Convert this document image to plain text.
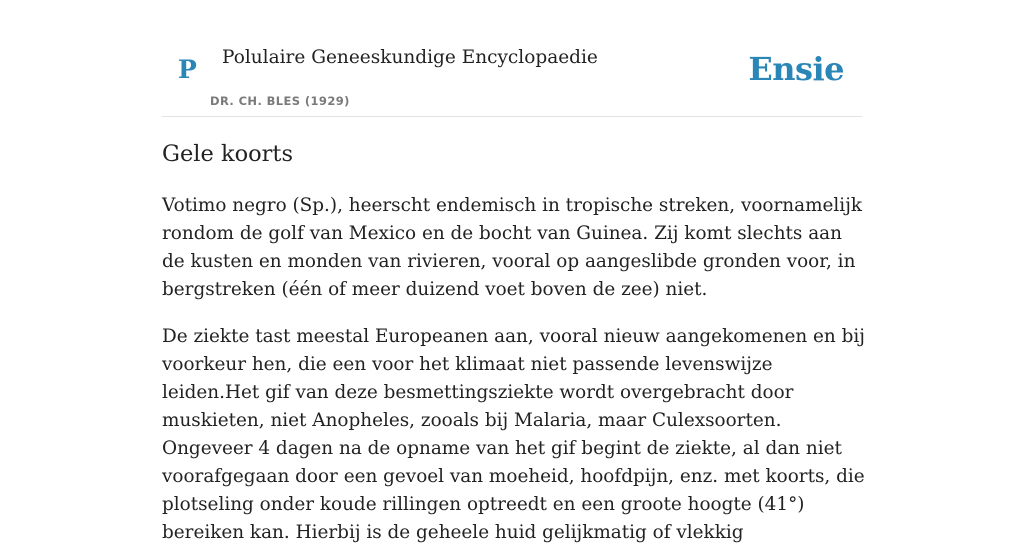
P Polulaire Geneeskundige Encyclopaedie
DR. CH. BLES (1929)
Ensie
Gele koorts

Votimo negro (Sp.), heerscht endemisch in tropische streken, voornamelijk rondom de golf van Mexico en de bocht van Guinea. Zij komt slechts aan de kusten en monden van rivieren, vooral op aangeslibde gronden voor, in bergstreken (één of meer duizend voet boven de zee) niet.

De ziekte tast meestal Europeanen aan, vooral nieuw aangekomenen en bij voorkeur hen, die een voor het klimaat niet passende levenswijze leiden.Het gif van deze besmettingsziekte wordt overgebracht door muskieten, niet Anopheles, zooals bij Malaria, maar Culexsoorten. Ongeveer 4 dagen na de opname van het gif begint de ziekte, al dan niet voorafgegaan door een gevoel van moeheid, hoofdpijn, enz. met koorts, die plotseling onder koude rillingen optreedt en een groote hoogte (41°) bereiken kan. Hierbij is de geheele huid gelijkmatig of vlekkig
